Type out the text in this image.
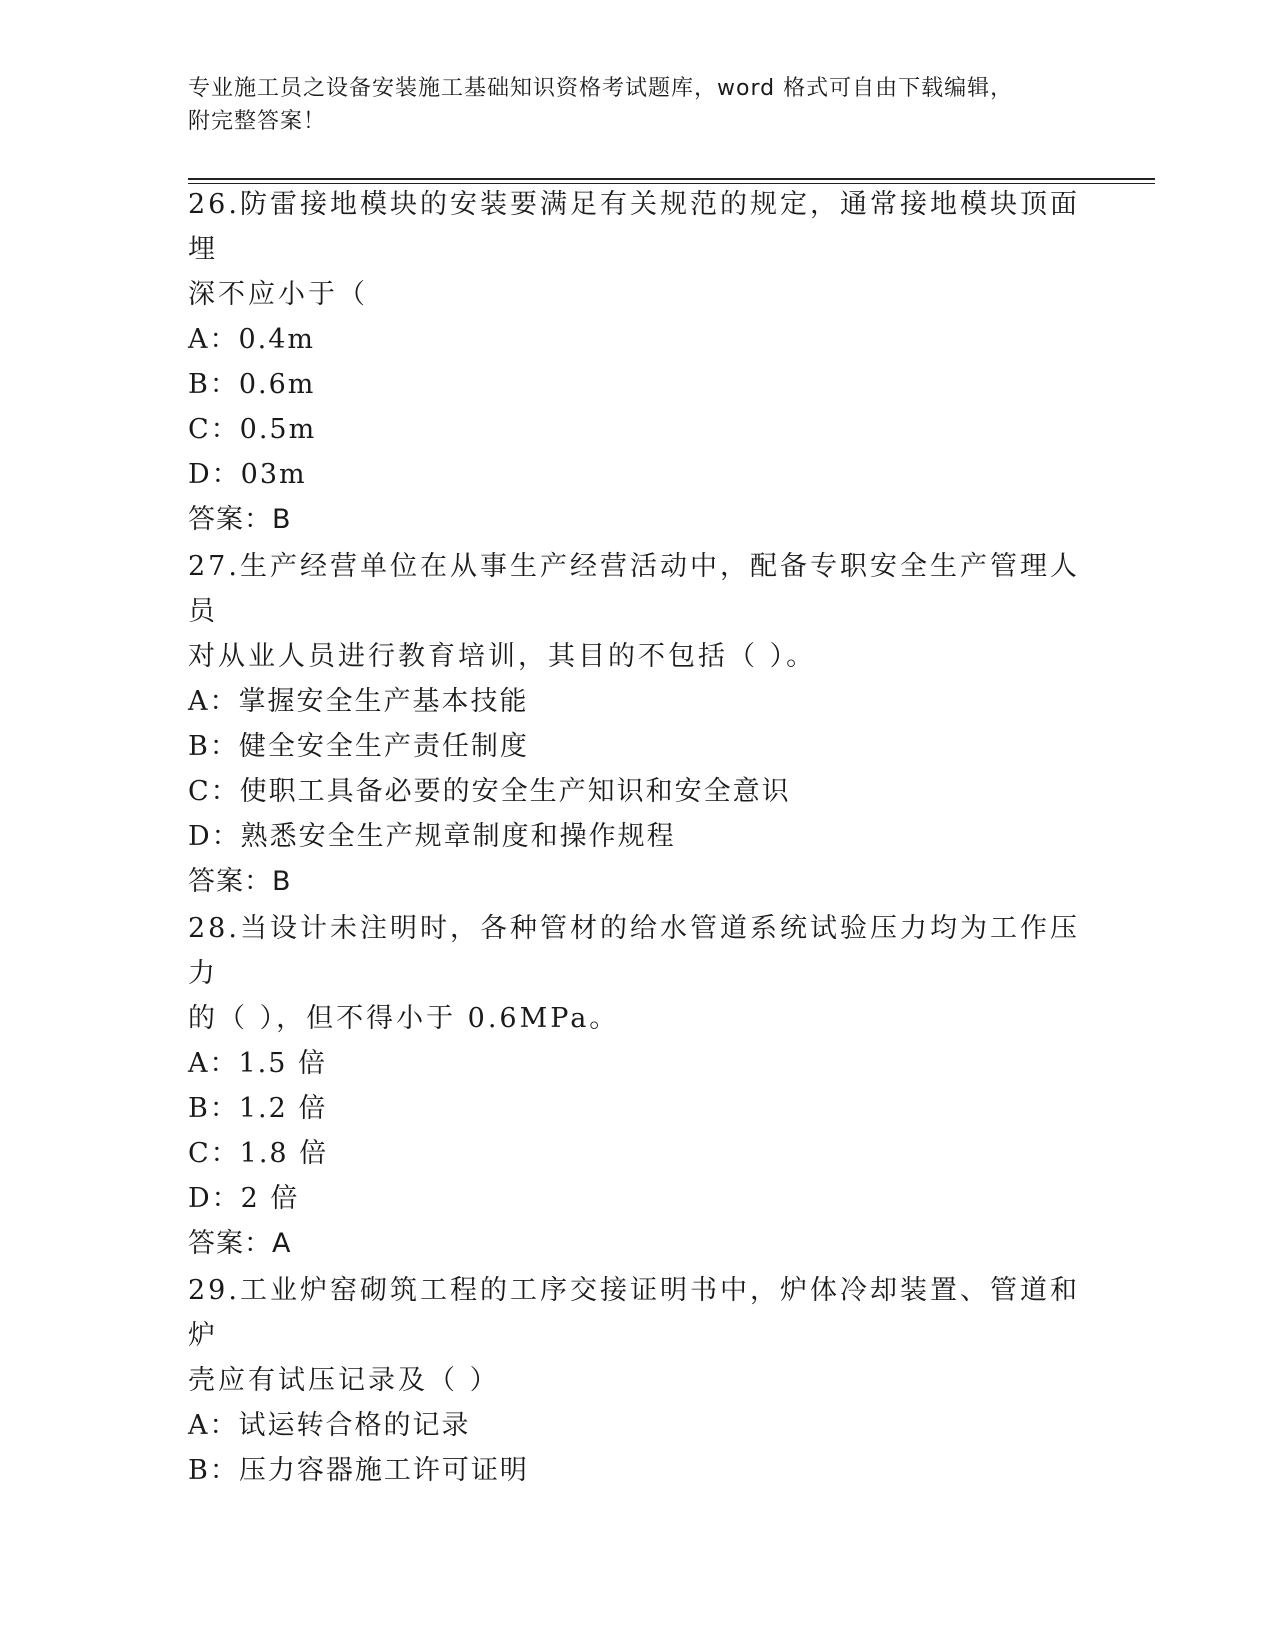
专业施工员之设备安装施工基础知识资格考试题库，word 格式可自由下载编辑，
附完整答案！

26.防雷接地模块的安装要满足有关规范的规定，通常接地模块顶面埋

深不应小于（

A：0.4m

B：0.6m

C：0.5m

D：03m

答案：B

27.生产经营单位在从事生产经营活动中，配备专职安全生产管理人员

对从业人员进行教育培训，其目的不包括（ ）。

A：掌握安全生产基本技能

B：健全安全生产责任制度

C：使职工具备必要的安全生产知识和安全意识

D：熟悉安全生产规章制度和操作规程

答案：B

28.当设计未注明时，各种管材的给水管道系统试验压力均为工作压力

的（ ），但不得小于 0.6MPa。

A：1.5 倍

B：1.2 倍

C：1.8 倍

D：2 倍

答案：A

29.工业炉窑砌筑工程的工序交接证明书中，炉体冷却装置、管道和炉

壳应有试压记录及（ ）

A：试运转合格的记录

B：压力容器施工许可证明
